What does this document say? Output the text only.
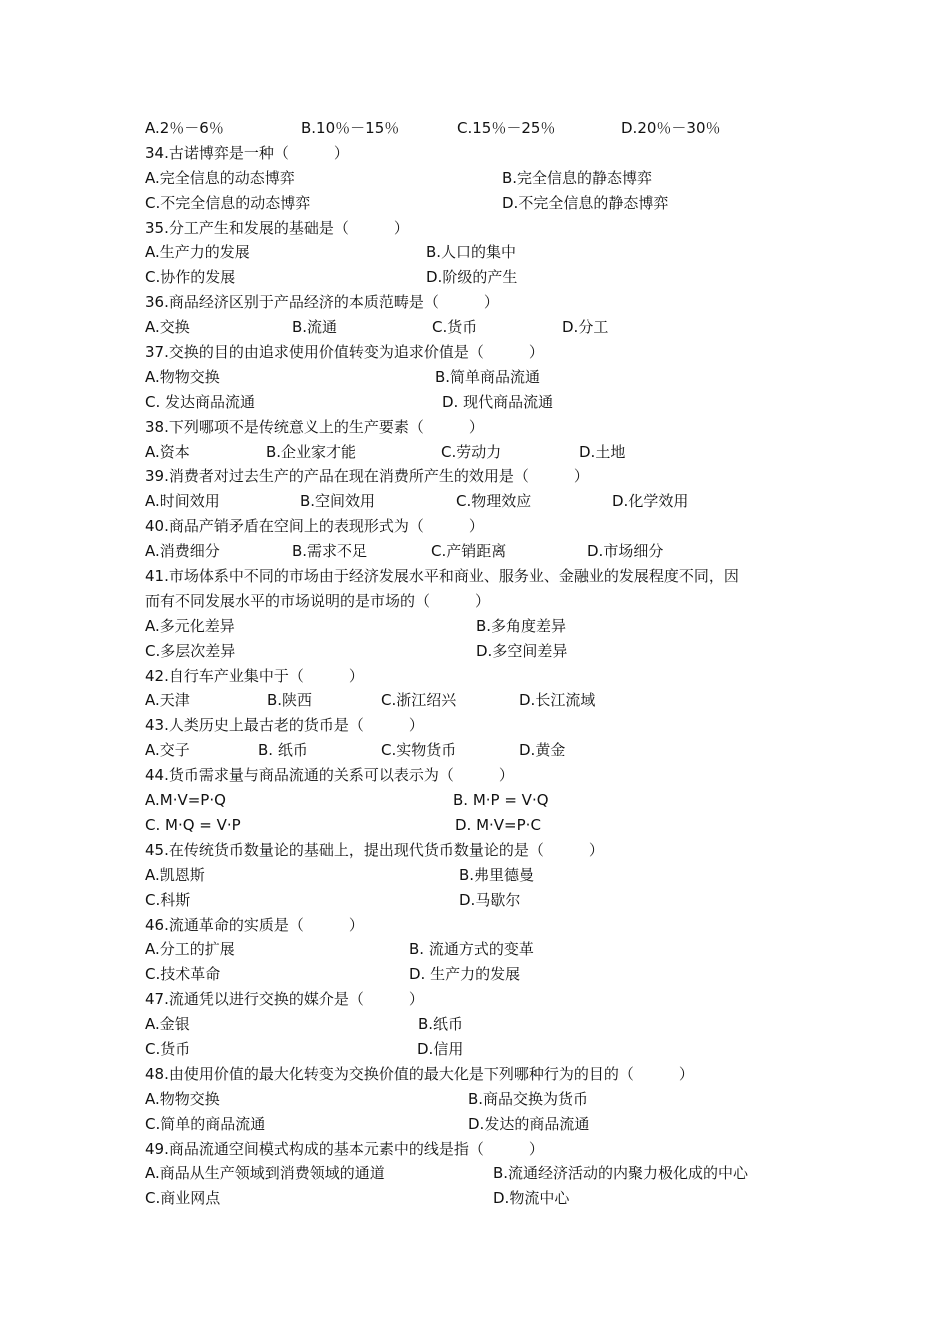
A.2％－6％	B.10％－15％	C.15％－25％	D.20％－30％
34.古诺博弈是一种（　　　）
A.完全信息的动态博弈	B.完全信息的静态博弈
C.不完全信息的动态博弈	D.不完全信息的静态博弈
35.分工产生和发展的基础是（　　　）
A.生产力的发展	B.人口的集中
C.协作的发展	D.阶级的产生
36.商品经济区别于产品经济的本质范畴是（　　　）
A.交换	B.流通	C.货币	D.分工
37.交换的目的由追求使用价值转变为追求价值是（　　　）
A.物物交换	B.简单商品流通
C. 发达商品流通	D. 现代商品流通
38.下列哪项不是传统意义上的生产要素（　　　）
A.资本	B.企业家才能	C.劳动力	D.土地
39.消费者对过去生产的产品在现在消费所产生的效用是（　　　）
A.时间效用	B.空间效用	C.物理效应	D.化学效用
40.商品产销矛盾在空间上的表现形式为（　　　）
A.消费细分	B.需求不足	C.产销距离	D.市场细分
41.市场体系中不同的市场由于经济发展水平和商业、服务业、金融业的发展程度不同，因
而有不同发展水平的市场说明的是市场的（　　　）
A.多元化差异	B.多角度差异
C.多层次差异	D.多空间差异
42.自行车产业集中于（　　　）
A.天津	B.陕西	C.浙江绍兴	D.长江流域
43.人类历史上最古老的货币是（　　　）
A.交子	B. 纸币	C.实物货币	D.黄金
44.货币需求量与商品流通的关系可以表示为（　　　）
A.M·V=P·Q	B. M·P = V·Q
C. M·Q = V·P	D. M·V=P·C
45.在传统货币数量论的基础上，提出现代货币数量论的是（　　　）
A.凯恩斯	B.弗里德曼
C.科斯	D.马歇尔
46.流通革命的实质是（　　　）
A.分工的扩展	B. 流通方式的变革
C.技术革命	D. 生产力的发展
47.流通凭以进行交换的媒介是（　　　）
A.金银	B.纸币
C.货币	D.信用
48.由使用价值的最大化转变为交换价值的最大化是下列哪种行为的目的（　　　）
A.物物交换	B.商品交换为货币
C.简单的商品流通	D.发达的商品流通
49.商品流通空间模式构成的基本元素中的线是指（　　　）
A.商品从生产领域到消费领域的通道	B.流通经济活动的内聚力极化成的中心
C.商业网点	D.物流中心
